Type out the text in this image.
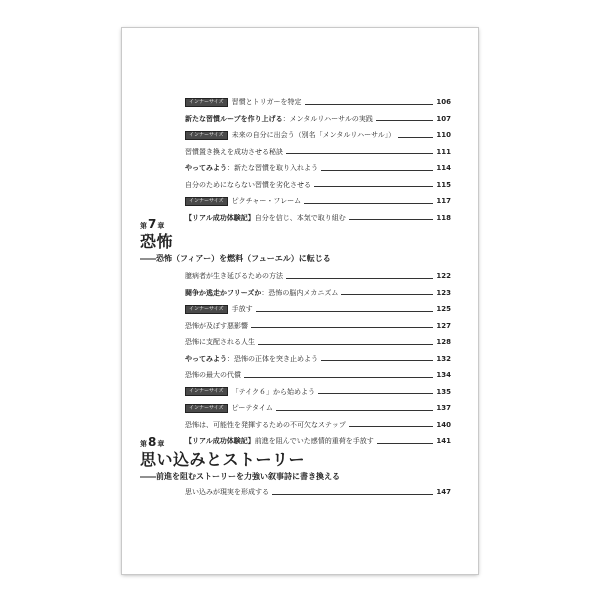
インナーサイズ 習慣とトリガーを特定	106
新たな習慣ループを作り上げる：メンタルリハーサルの実践	107
インナーサイズ 未来の自分に出会う（別名「メンタルリハーサル」）	110
習慣置き換えを成功させる秘訣	111
やってみよう：新たな習慣を取り入れよう	114
自分のためにならない習慣を劣化させる	115
インナーサイズ ピクチャー・フレーム	117
【リアル成功体験記】自分を信じ、本気で取り組む	118
第7章
恐怖
――恐怖（フィアー）を燃料（フューエル）に転じる
臆病者が生き延びるための方法	122
闘争か逃走かフリーズか：恐怖の脳内メカニズム	123
インナーサイズ 手放す	125
恐怖が及ぼす悪影響	127
恐怖に支配される人生	128
やってみよう：恐怖の正体を突き止めよう	132
恐怖の最大の代償	134
インナーサイズ 「テイク６」から始めよう	135
インナーサイズ ピーテタイム	137
恐怖は、可能性を発揮するための不可欠なステップ	140
【リアル成功体験記】前進を阻んでいた感情的重荷を手放す	141
第8章
思い込みとストーリー
――前進を阻むストーリーを力強い叙事詩に書き換える
思い込みが現実を形成する	147
